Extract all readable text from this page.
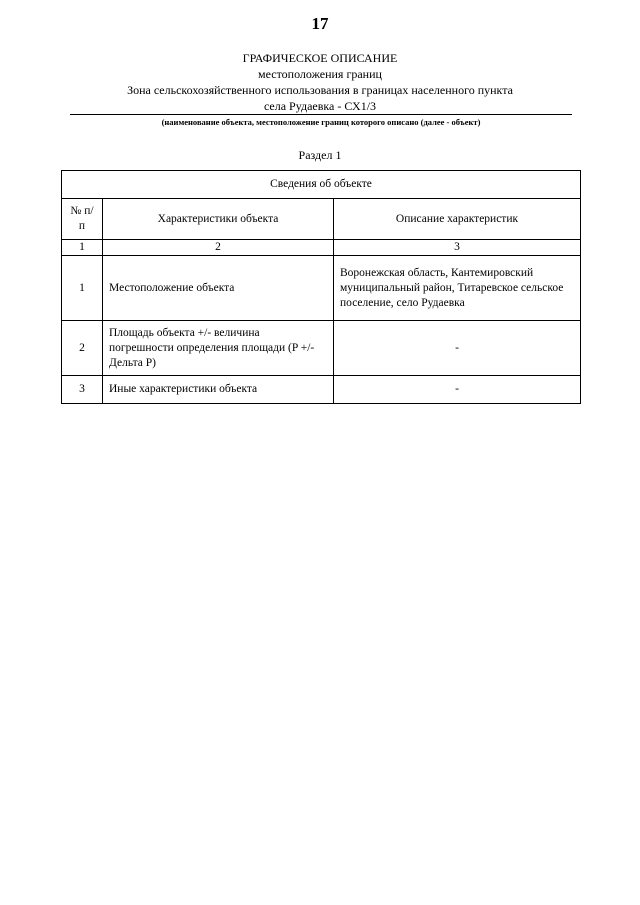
17
ГРАФИЧЕСКОЕ ОПИСАНИЕ
местоположения границ
Зона сельскохозяйственного использования в границах населенного пункта
села Рудаевка - СХ1/3
(наименование объекта, местоположение границ которого описано (далее - объект)
Раздел 1
Сведения об объекте		
№ п/п	Характеристики объекта	Описание характеристик
1	2	3
1	Местоположение объекта	Воронежская область, Кантемировский муниципальный район, Титаревское сельское поселение, село Рудаевка
2	Площадь объекта +/- величина погрешности определения площади (P +/- Дельта P)	-
3	Иные характеристики объекта	-
